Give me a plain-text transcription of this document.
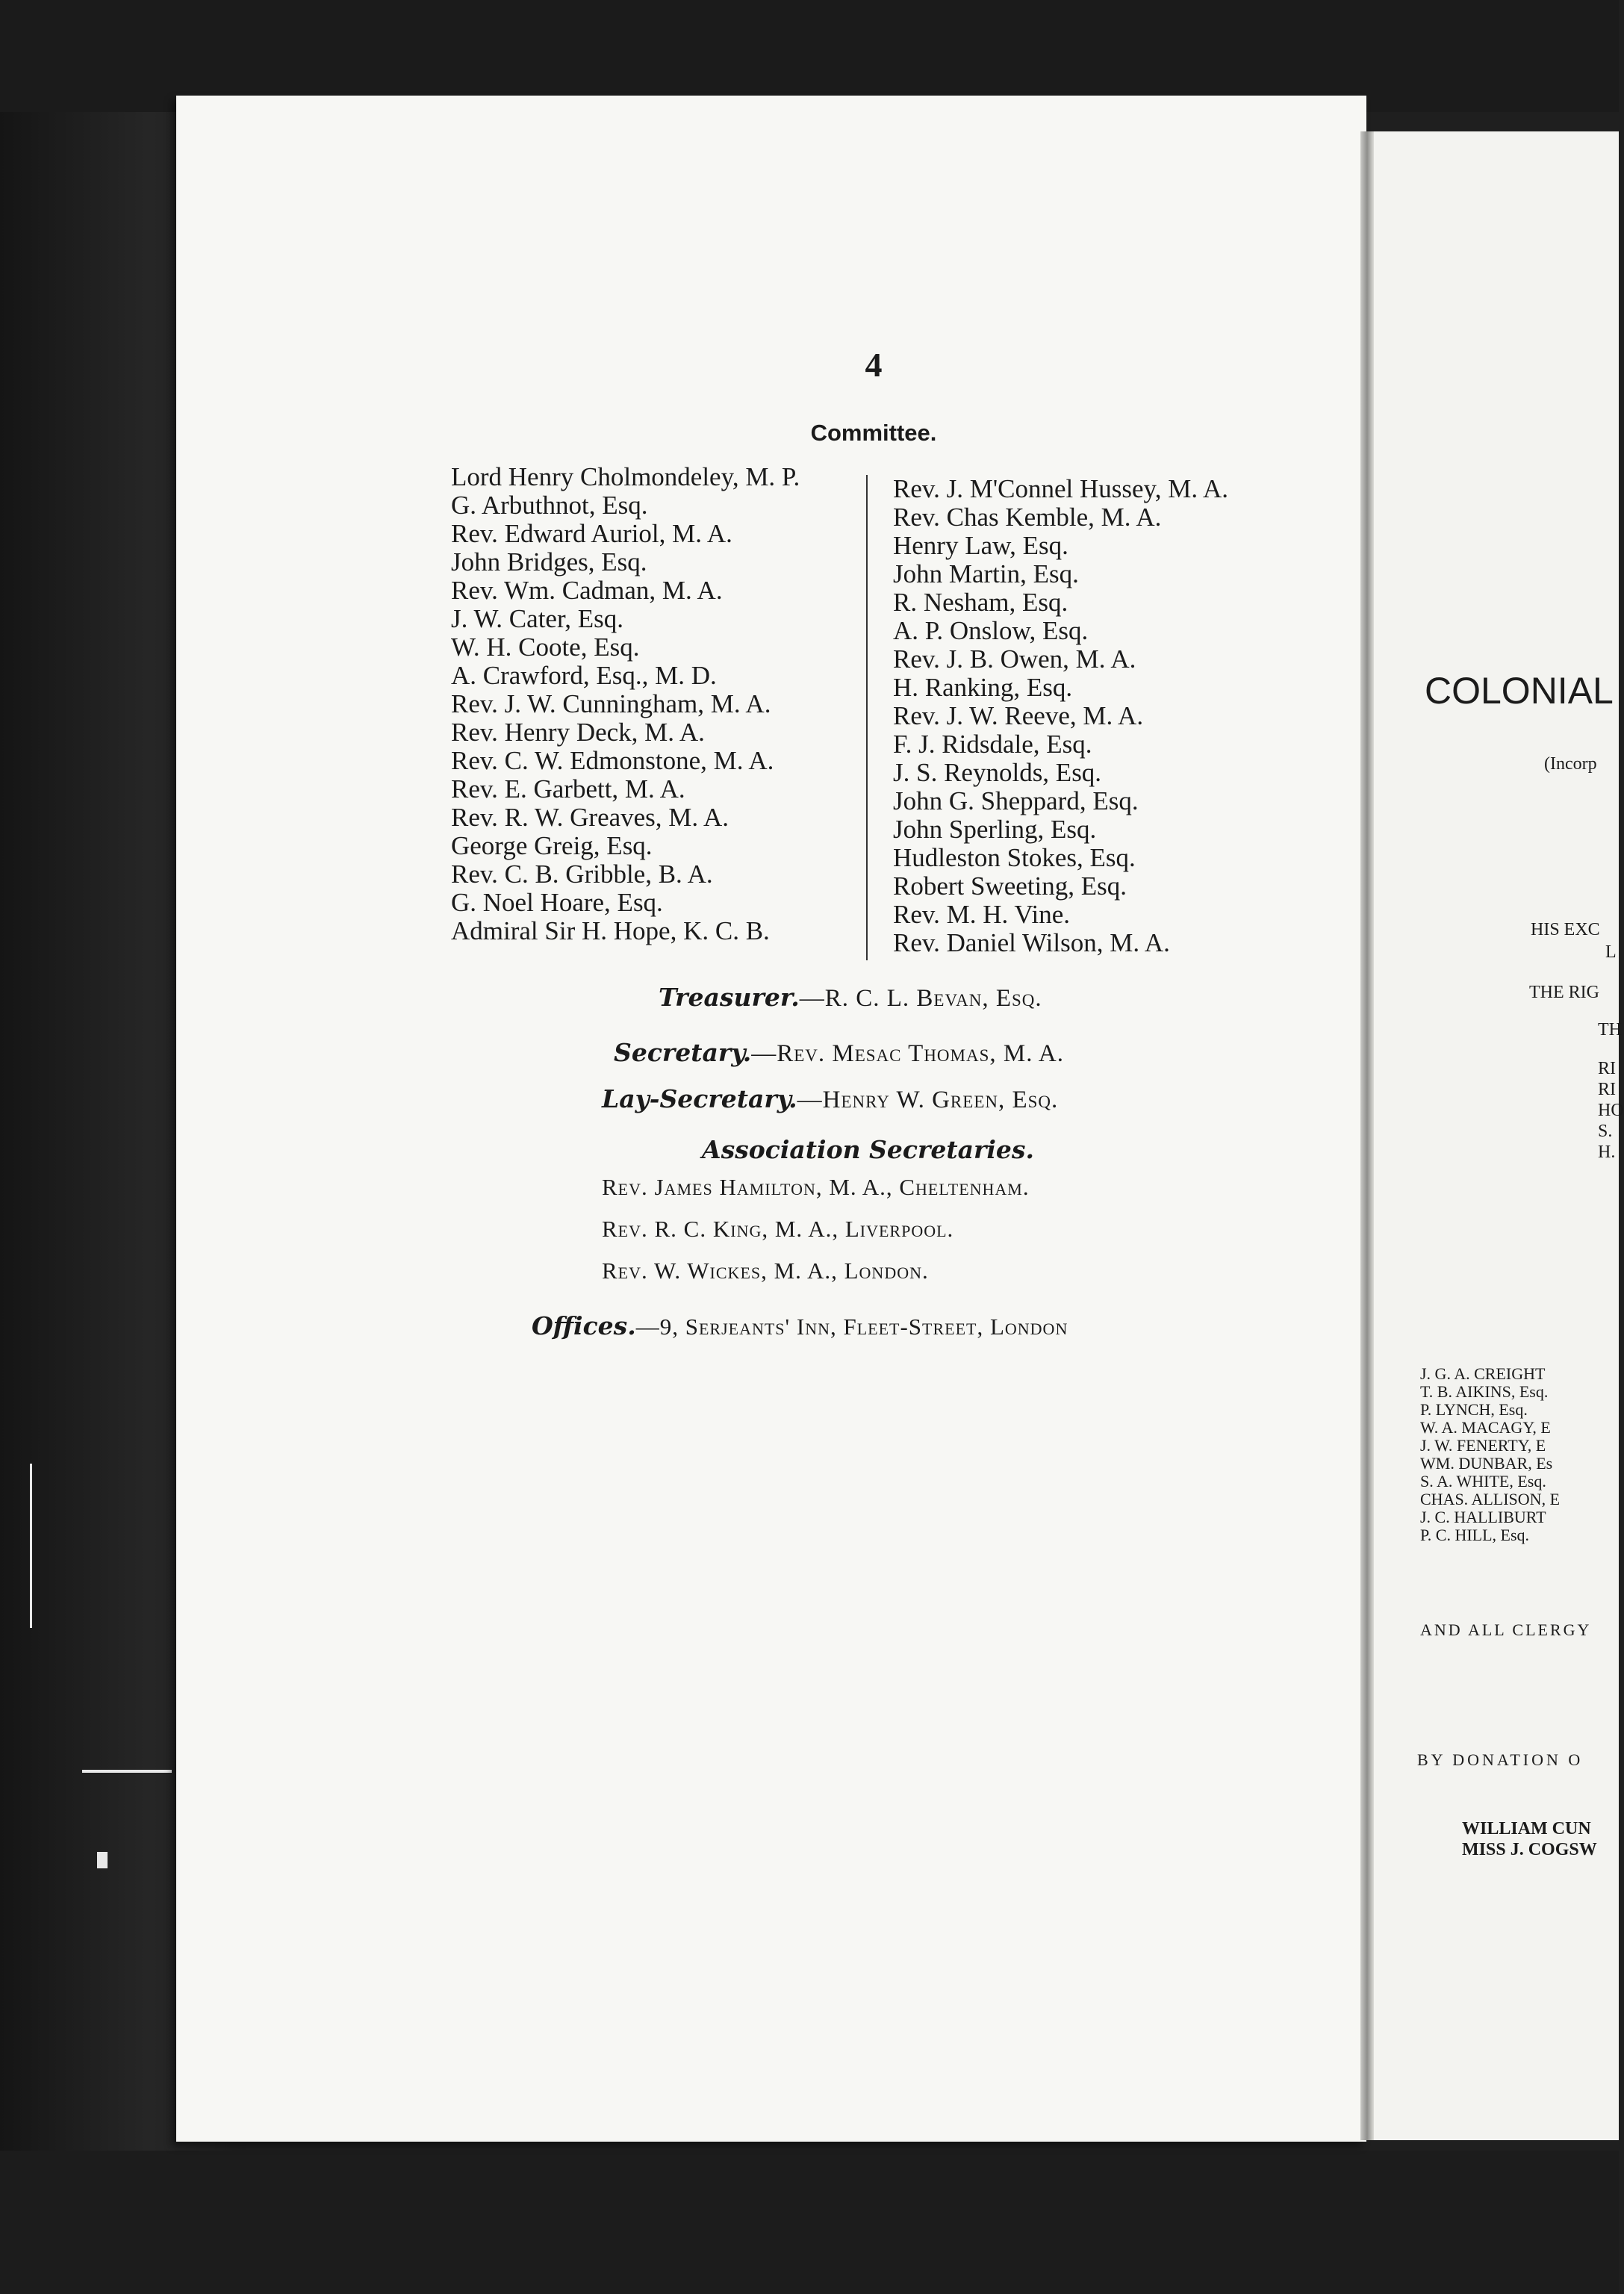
4
Committee.
Lord Henry Cholmondeley, M. P.
G. Arbuthnot, Esq.
Rev. Edward Auriol, M. A.
John Bridges, Esq.
Rev. Wm. Cadman, M. A.
J. W. Cater, Esq.
W. H. Coote, Esq.
A. Crawford, Esq., M. D.
Rev. J. W. Cunningham, M. A.
Rev. Henry Deck, M. A.
Rev. C. W. Edmonstone, M. A.
Rev. E. Garbett, M. A.
Rev. R. W. Greaves, M. A.
George Greig, Esq.
Rev. C. B. Gribble, B. A.
G. Noel Hoare, Esq.
Admiral Sir H. Hope, K. C. B.
Rev. J. M'Connel Hussey, M. A.
Rev. Chas Kemble, M. A.
Henry Law, Esq.
John Martin, Esq.
R. Nesham, Esq.
A. P. Onslow, Esq.
Rev. J. B. Owen, M. A.
H. Ranking, Esq.
Rev. J. W. Reeve, M. A.
F. J. Ridsdale, Esq.
J. S. Reynolds, Esq.
John G. Sheppard, Esq.
John Sperling, Esq.
Hudleston Stokes, Esq.
Robert Sweeting, Esq.
Rev. M. H. Vine.
Rev. Daniel Wilson, M. A.
Treasurer.—R. C. L. Bevan, Esq.
Secretary.—Rev. Mesac Thomas, M. A.
Lay-Secretary.—Henry W. Green, Esq.
Association Secretaries.
Rev. James Hamilton, M. A., Cheltenham.
Rev. R. C. King, M. A., Liverpool.
Rev. W. Wickes, M. A., London.
Offices.—9, Serjeants' Inn, Fleet-Street, London
COLONIAL
(Incorp
HIS EXC
L
THE RIG
TH
RI
RI
HO
S.
H.
J. G. A. CREIGHT
T. B. AIKINS, Esq.
P. LYNCH, Esq.
W. A. MACAGY, E
J. W. FENERTY, E
WM. DUNBAR, Es
S. A. WHITE, Esq.
CHAS. ALLISON, E
J. C. HALLIBURT
P. C. HILL, Esq.
AND ALL CLERGY
BY DONATION O
WILLIAM CUN
MISS J. COGSW
